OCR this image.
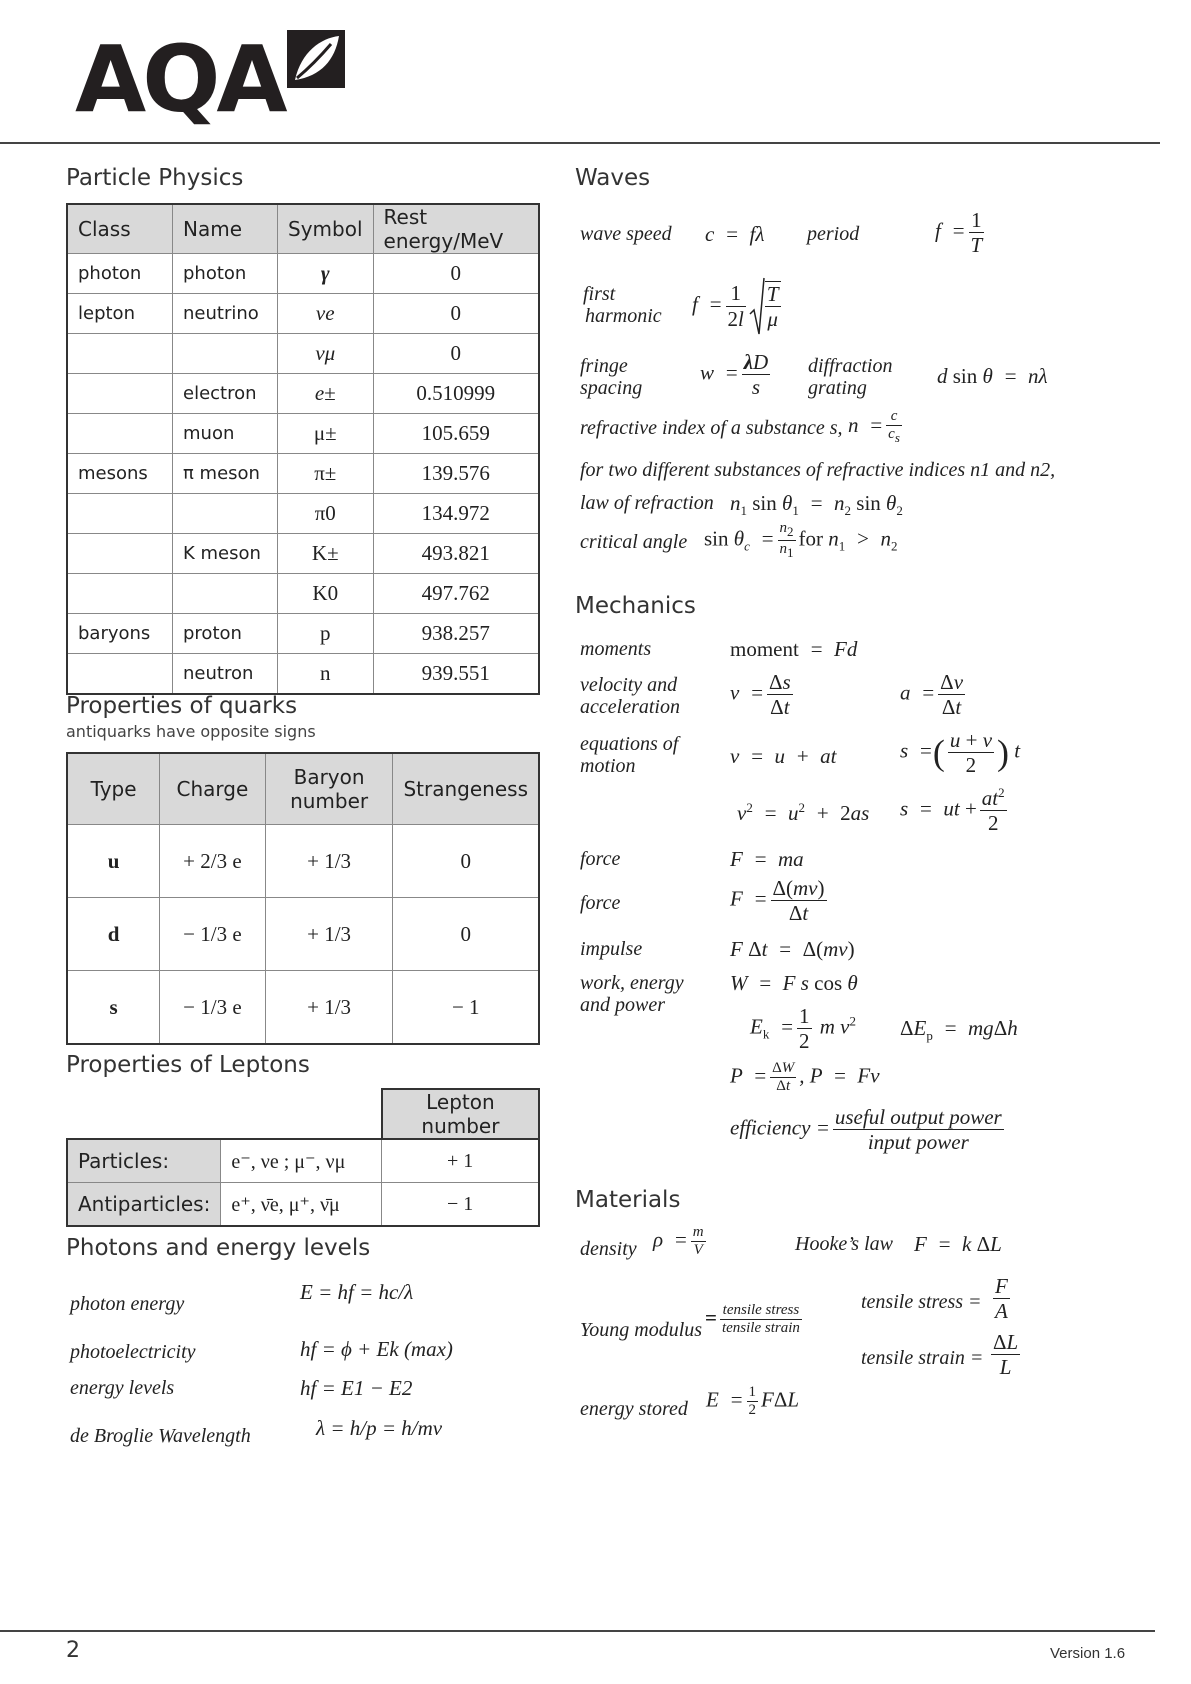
AQA
Particle Physics
Class	Name	Symbol	Rest energy/MeV
photon	photon	γ	0
lepton	neutrino	νe	0
		νμ	0
	electron	e±	0.510999
	muon	μ±	105.659
mesons	π meson	π±	139.576
		π0	134.972
	K meson	K±	493.821
		K0	497.762
baryons	proton	p	938.257
	neutron	n	939.551
Properties of quarks
antiquarks have opposite signs
Type	Charge	Baryon number	Strangeness
u	+ 2/3 e	+ 1/3	0
d	− 1/3 e	+ 1/3	0
s	− 1/3 e	+ 1/3	− 1
Properties of Leptons
		Lepton number
Particles:	e⁻, νe ; μ⁻, νμ	+ 1
Antiparticles:	e⁺, ν̄e, μ⁺, ν̄μ	− 1
Photons and energy levels
photon energy	E = hf = hc/λ
photoelectricity	hf = ϕ + Ek (max)
energy levels	hf = E1 − E2
de Broglie Wavelength	λ = h/p = h/mv
Waves
wave speed c  =  fλ period	$f = \frac{1}{T}$
first
harmonic
$f = \frac{1}{2l} \frac{T}{\mu}$
fringe
spacing
$w = \frac{\lambda D}{s}$ diffraction
grating	d sin θ  =  nλ
refractive index of a substance s, $n = \frac{c}{c_s}$
for two different substances of refractive indices n1 and n2,
law of refraction $n_1$ $\sin \theta_1 = n_2$ $\sin \theta_2$
critical angle $\sin \theta_c = \frac{n_2}{n_1}$ for $n_1 > n_2$
Mechanics
moments	moment  =  Fd
velocity and
acceleration
$v = \frac{\Delta s}{\Delta t}$	$a = \frac{\Delta v}{\Delta t}$
equations of
motion	v  =  u  +  at	s  =( $\frac{u + v}{2}$ ) t
$v^2 = u^2 + 2as$ s  =  ut + $\frac{at^2}{2}$
force	F  =  ma
force	$F = \frac{\Delta(mv)}{\Delta t}$
impulse	F Δt  =  Δ(mv)
work, energy
and power
W  =  F s cos θ
$E_k = \frac{1}{2}$ m $v^2$ $\Delta E_p = mg\Delta h$
$P = \frac{\Delta W}{\Delta t}$ , P  =  Fv
efficiency = $\frac{\text{useful output power}}{\text{input power}}$
Materials
density $\rho = \frac{m}{V}$	Hooke’s law F  =  k ΔL
Young modulus
= $\frac{\text{tensile stress}}{\text{tensile strain}}$	tensile stress = $\frac{F}{A}$
tensile strain = $\frac{\Delta L}{L}$
energy stored $E = \frac{1}{2}$ FΔL
2	Version 1.6
